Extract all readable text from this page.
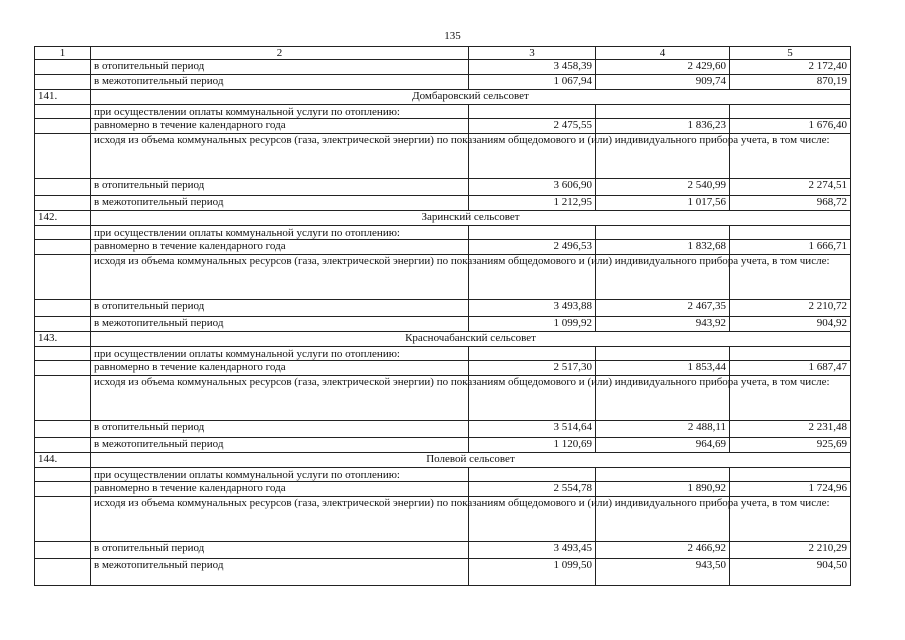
135
1	2	3	4	5
	в отопительный период	3 458,39	2 429,60	2 172,40
	в межотопительный период	1 067,94	909,74	870,19
141.	Домбаровский сельсовет			
	при осуществлении оплаты коммунальной услуги по отоплению:			
	равномерно в течение календарного года	2 475,55	1 836,23	1 676,40
	исходя из объема коммунальных ресурсов (газа, электрической энергии) по показаниям общедомового и (или) индивидуального прибора учета, в том числе:			
	в отопительный период	3 606,90	2 540,99	2 274,51
	в межотопительный период	1 212,95	1 017,56	968,72
142.	Заринский сельсовет			
	при осуществлении оплаты коммунальной услуги по отоплению:			
	равномерно в течение календарного года	2 496,53	1 832,68	1 666,71
	исходя из объема коммунальных ресурсов (газа, электрической энергии) по показаниям общедомового и (или) индивидуального прибора учета, в том числе:			
	в отопительный период	3 493,88	2 467,35	2 210,72
	в межотопительный период	1 099,92	943,92	904,92
143.	Красночабанский сельсовет			
	при осуществлении оплаты коммунальной услуги по отоплению:			
	равномерно в течение календарного года	2 517,30	1 853,44	1 687,47
	исходя из объема коммунальных ресурсов (газа, электрической энергии) по показаниям общедомового и (или) индивидуального прибора учета, в том числе:			
	в отопительный период	3 514,64	2 488,11	2 231,48
	в межотопительный период	1 120,69	964,69	925,69
144.	Полевой сельсовет			
	при осуществлении оплаты коммунальной услуги по отоплению:			
	равномерно в течение календарного года	2 554,78	1 890,92	1 724,96
	исходя из объема коммунальных ресурсов (газа, электрической энергии) по показаниям общедомового и (или) индивидуального прибора учета, в том числе:			
	в отопительный период	3 493,45	2 466,92	2 210,29
	в межотопительный период	1 099,50	943,50	904,50
